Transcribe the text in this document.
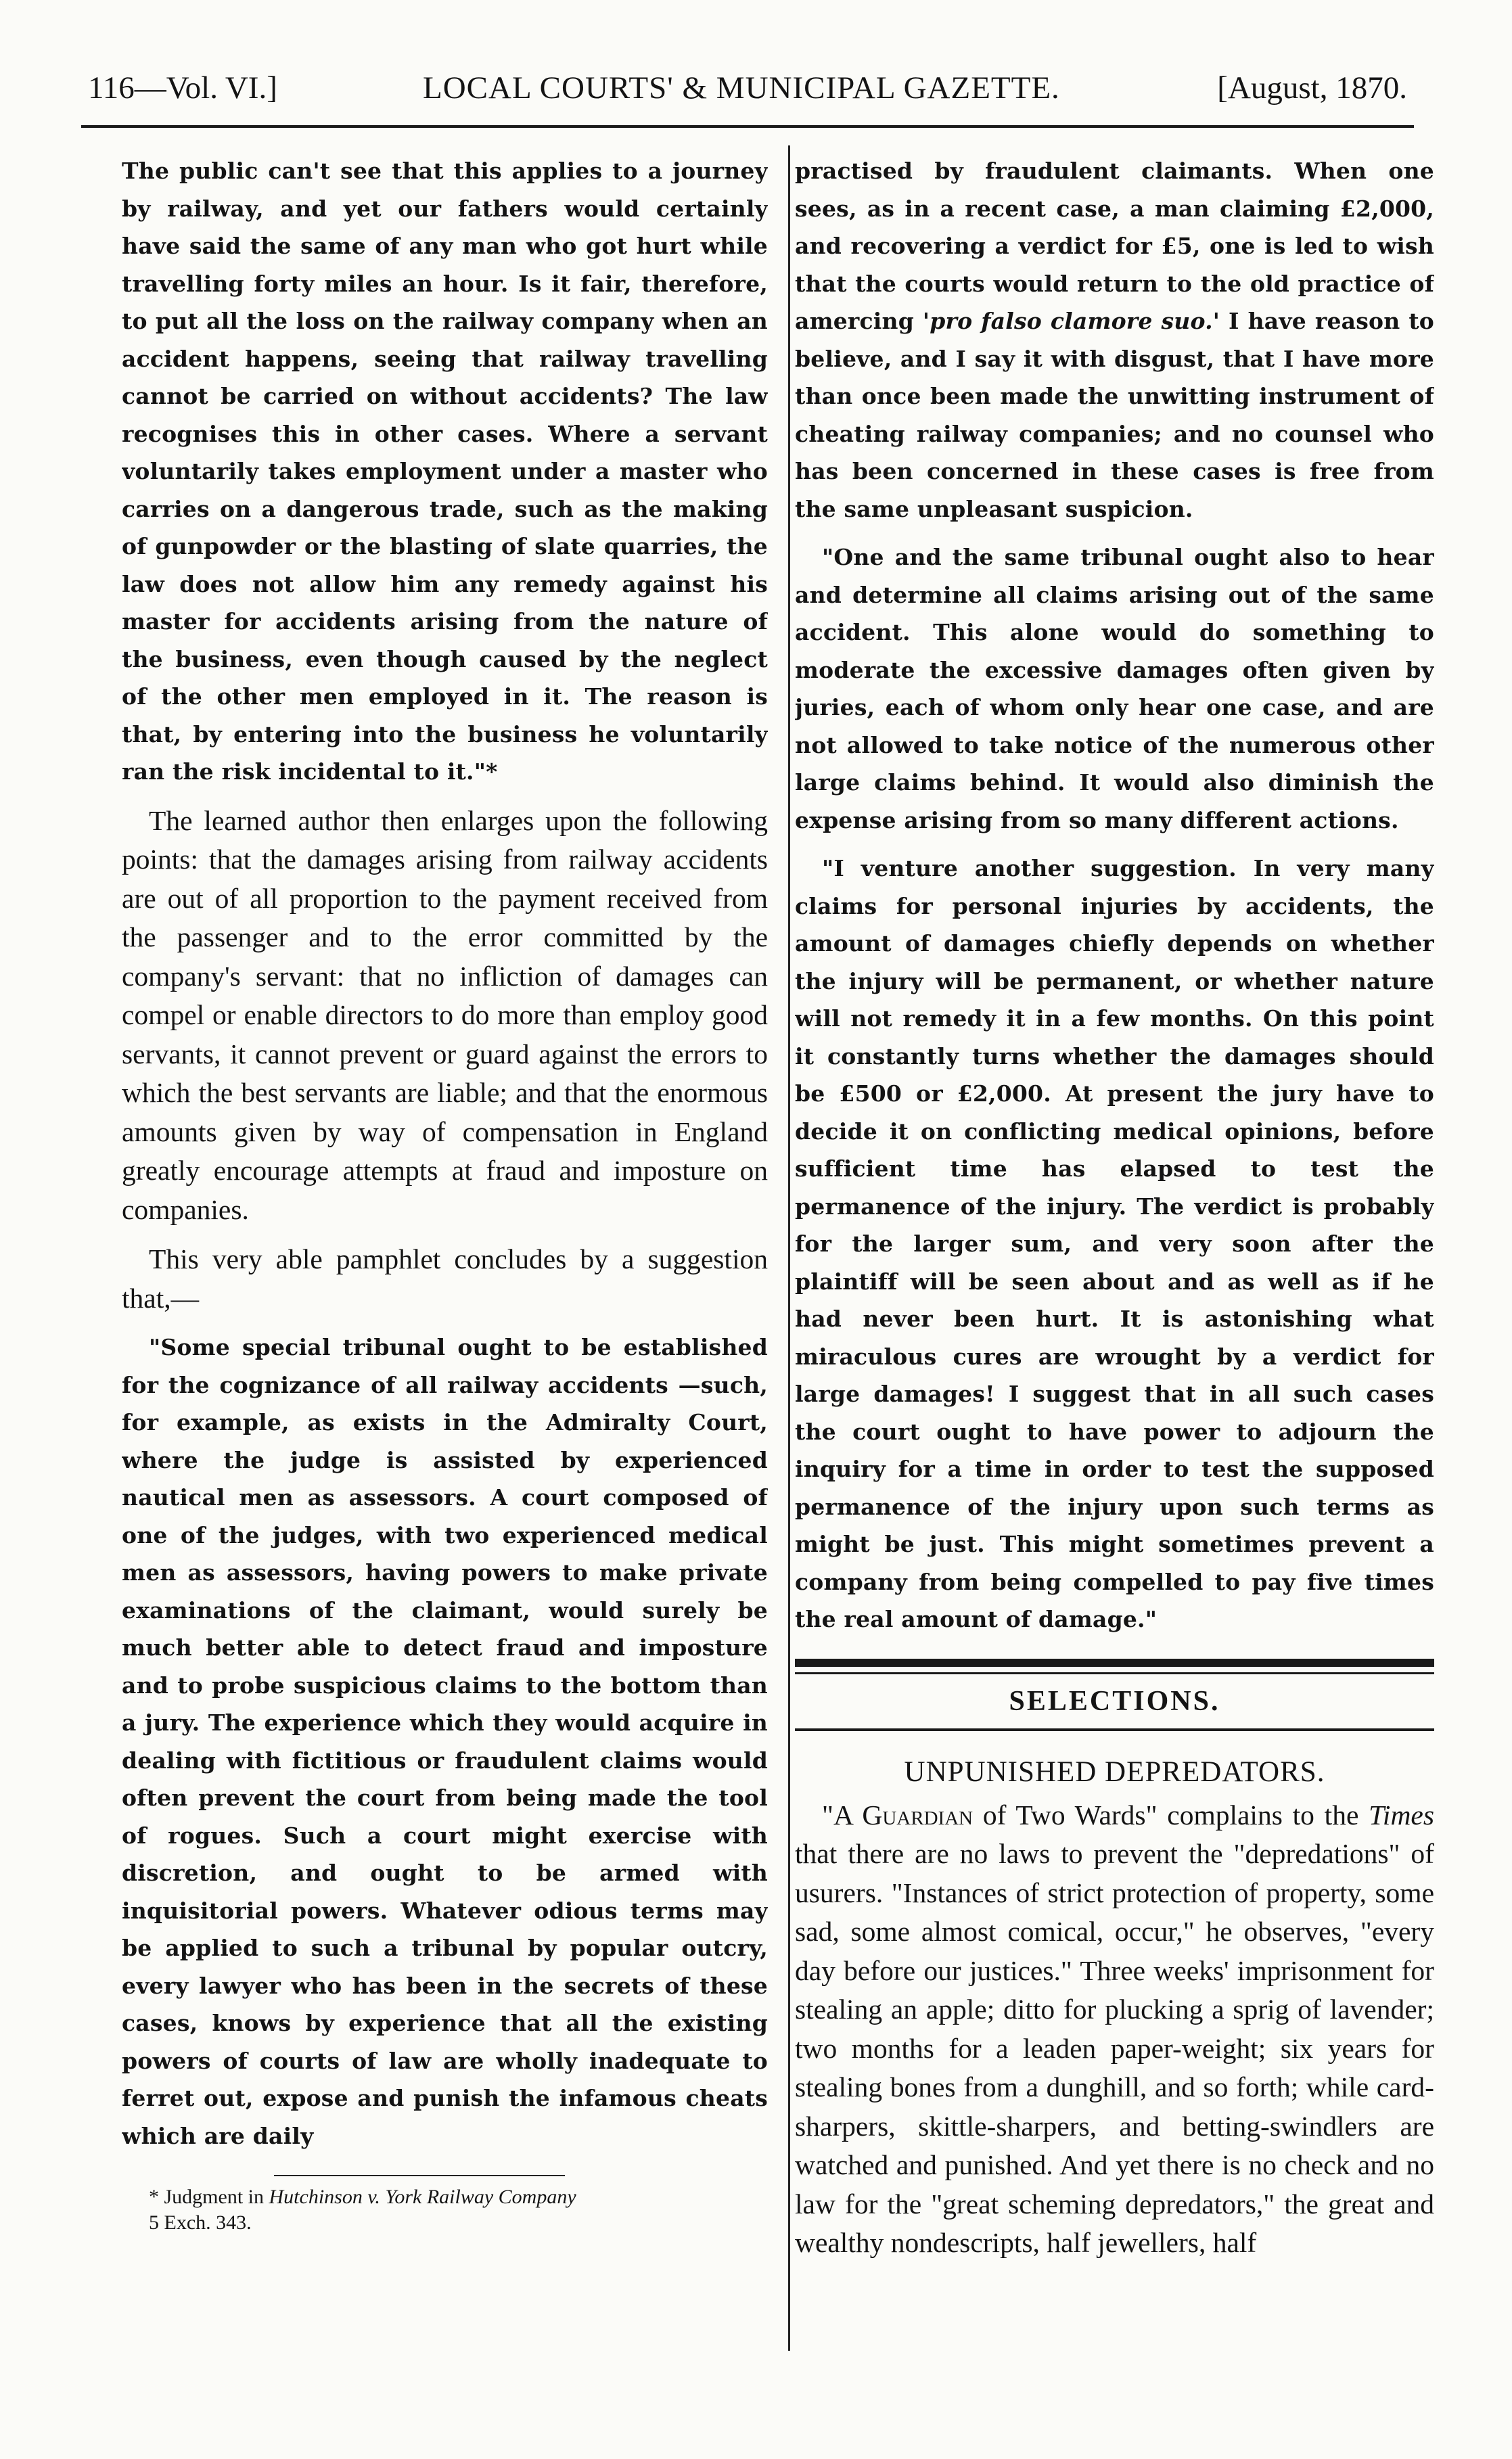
116—Vol. VI.]	LOCAL COURTS' & MUNICIPAL GAZETTE.	[August, 1870.

The public can't see that this applies to a journey by railway, and yet our fathers would certainly have said the same of any man who got hurt while travelling forty miles an hour. Is it fair, therefore, to put all the loss on the railway company when an accident happens, seeing that railway travelling cannot be carried on without accidents? The law recognises this in other cases. Where a servant voluntarily takes employment under a master who carries on a dangerous trade, such as the making of gunpowder or the blasting of slate quarries, the law does not allow him any remedy against his master for accidents arising from the nature of the business, even though caused by the neglect of the other men employed in it. The reason is that, by entering into the business he voluntarily ran the risk incidental to it."*

The learned author then enlarges upon the following points: that the damages arising from railway accidents are out of all proportion to the payment received from the passenger and to the error committed by the company's servant: that no infliction of damages can compel or enable directors to do more than employ good servants, it cannot prevent or guard against the errors to which the best servants are liable; and that the enormous amounts given by way of compensation in England greatly encourage attempts at fraud and imposture on companies.

This very able pamphlet concludes by a suggestion that,—

"Some special tribunal ought to be established for the cognizance of all railway accidents —such, for example, as exists in the Admiralty Court, where the judge is assisted by experienced nautical men as assessors. A court composed of one of the judges, with two experienced medical men as assessors, having powers to make private examinations of the claimant, would surely be much better able to detect fraud and imposture and to probe suspicious claims to the bottom than a jury. The experience which they would acquire in dealing with fictitious or fraudulent claims would often prevent the court from being made the tool of rogues. Such a court might exercise with discretion, and ought to be armed with inquisitorial powers. Whatever odious terms may be applied to such a tribunal by popular outcry, every lawyer who has been in the secrets of these cases, knows by experience that all the existing powers of courts of law are wholly inadequate to ferret out, expose and punish the infamous cheats which are daily

* Judgment in Hutchinson v. York Railway Company
5 Exch. 343.

practised by fraudulent claimants. When one sees, as in a recent case, a man claiming £2,000, and recovering a verdict for £5, one is led to wish that the courts would return to the old practice of amercing 'pro falso clamore suo.' I have reason to believe, and I say it with disgust, that I have more than once been made the unwitting instrument of cheating railway companies; and no counsel who has been concerned in these cases is free from the same unpleasant suspicion.

"One and the same tribunal ought also to hear and determine all claims arising out of the same accident. This alone would do something to moderate the excessive damages often given by juries, each of whom only hear one case, and are not allowed to take notice of the numerous other large claims behind. It would also diminish the expense arising from so many different actions.

"I venture another suggestion. In very many claims for personal injuries by accidents, the amount of damages chiefly depends on whether the injury will be permanent, or whether nature will not remedy it in a few months. On this point it constantly turns whether the damages should be £500 or £2,000. At present the jury have to decide it on conflicting medical opinions, before sufficient time has elapsed to test the permanence of the injury. The verdict is probably for the larger sum, and very soon after the plaintiff will be seen about and as well as if he had never been hurt. It is astonishing what miraculous cures are wrought by a verdict for large damages! I suggest that in all such cases the court ought to have power to adjourn the inquiry for a time in order to test the supposed permanence of the injury upon such terms as might be just. This might sometimes prevent a company from being compelled to pay five times the real amount of damage."

SELECTIONS.
UNPUNISHED DEPREDATORS.

"A Guardian of Two Wards" complains to the Times that there are no laws to prevent the "depredations" of usurers. "Instances of strict protection of property, some sad, some almost comical, occur," he observes, "every day before our justices." Three weeks' imprisonment for stealing an apple; ditto for plucking a sprig of lavender; two months for a leaden paper-weight; six years for stealing bones from a dunghill, and so forth; while card-sharpers, skittle-sharpers, and betting-swindlers are watched and punished. And yet there is no check and no law for the "great scheming depredators," the great and wealthy nondescripts, half jewellers, half
